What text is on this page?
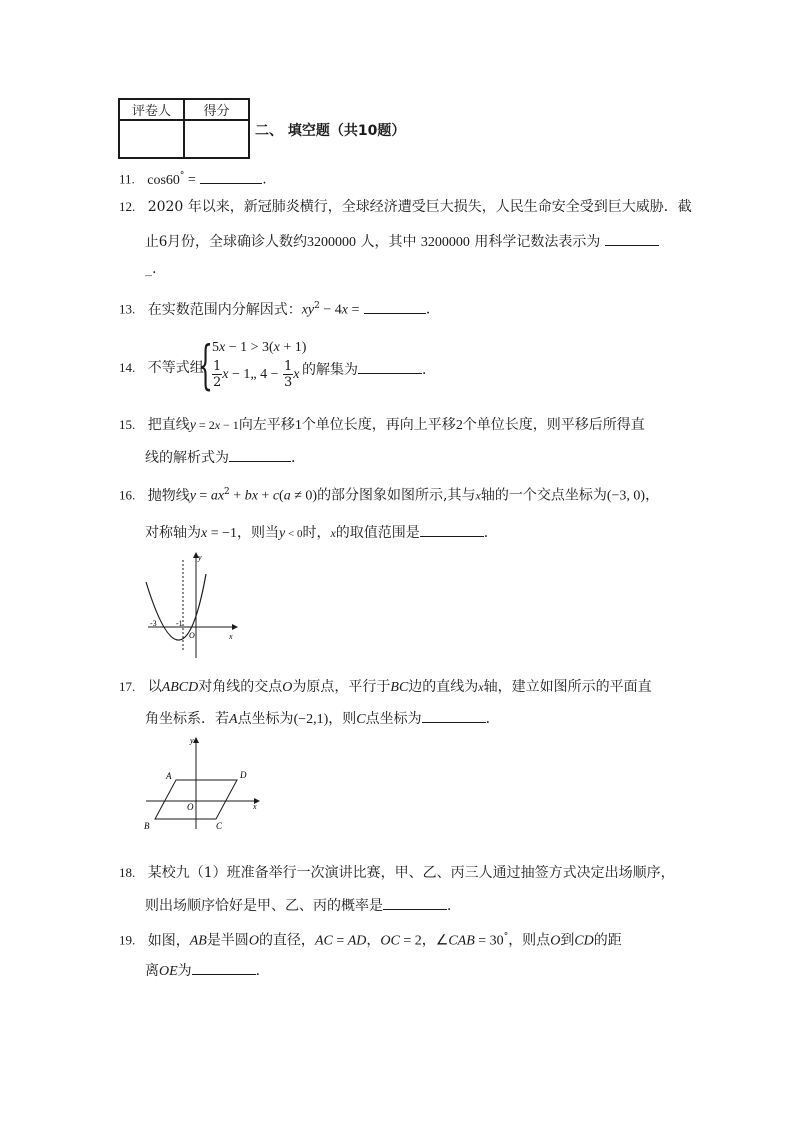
评卷人	得分

二、 填空题（共10题）
11. cos60° =	.
12. 2020 年以来，新冠肺炎横行，全球经济遭受巨大损失，人民生命安全受到巨大威胁．截
止6月份，全球确诊人数约3200000 人，其中 3200000 用科学记数法表示为
_.
13. 在实数范围内分解因式：$xy^2 - 4x$ =	．
14. 不等式组
{ 5x − 1 > 3(x + 1)
$\frac{1}{2}$ x − 1„ $4 - \frac{1}{3}$ x 的解集为	．
15. 把直线y = 2x − 1向左平移1个单位长度，再向上平移2个单位长度，则平移后所得直
线的解析式为	．
16. 抛物线$y = ax^2$ + bx + c(a ≠ 0)的部分图象如图所示,其与x轴的一个交点坐标为(−3, 0)，
对称轴为x = −1，则当y < 0时，x的取值范围是	．
y
x
-3 -1
O
17. 以ABCD对角线的交点O为原点，平行于BC边的直线为x轴，建立如图所示的平面直
角坐标系．若A点坐标为(−2,1)，则C点坐标为	．
y
x
A	D
B	C
O
18. 某校九（1）班准备举行一次演讲比赛，甲、乙、丙三人通过抽签方式决定出场顺序，
则出场顺序恰好是甲、乙、丙的概率是	．
19. 如图，AB是半圆O的直径，AC = AD，OC = 2，∠CAB = 30°，则点O到CD的距
离OE为	．
